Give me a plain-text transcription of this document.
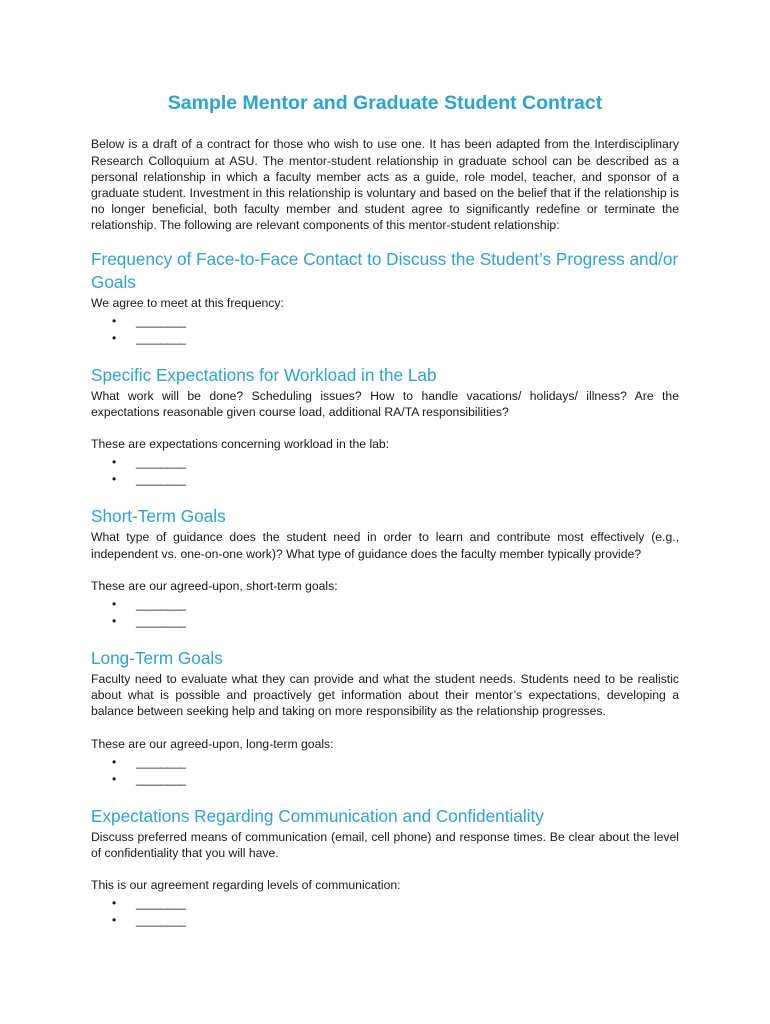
Sample Mentor and Graduate Student Contract

Below is a draft of a contract for those who wish to use one. It has been adapted from the Interdisciplinary Research Colloquium at ASU. The mentor-student relationship in graduate school can be described as a personal relationship in which a faculty member acts as a guide, role model, teacher, and sponsor of a graduate student. Investment in this relationship is voluntary and based on the belief that if the relationship is no longer beneficial, both faculty member and student agree to significantly redefine or terminate the relationship. The following are relevant components of this mentor-student relationship:

Frequency of Face-to-Face Contact to Discuss the Student’s Progress and/or Goals

We agree to meet at this frequency:

• ________
• ________
Specific Expectations for Workload in the Lab

What work will be done? Scheduling issues? How to handle vacations/ holidays/ illness? Are the expectations reasonable given course load, additional RA/TA responsibilities?

These are expectations concerning workload in the lab:

• ________
• ________
Short-Term Goals

What type of guidance does the student need in order to learn and contribute most effectively (e.g., independent vs. one-on-one work)? What type of guidance does the faculty member typically provide?

These are our agreed-upon, short-term goals:

• ________
• ________
Long-Term Goals

Faculty need to evaluate what they can provide and what the student needs. Students need to be realistic about what is possible and proactively get information about their mentor’s expectations, developing a balance between seeking help and taking on more responsibility as the relationship progresses.

These are our agreed-upon, long-term goals:

• ________
• ________
Expectations Regarding Communication and Confidentiality

Discuss preferred means of communication (email, cell phone) and response times. Be clear about the level of confidentiality that you will have.

This is our agreement regarding levels of communication:

• ________
• ________
